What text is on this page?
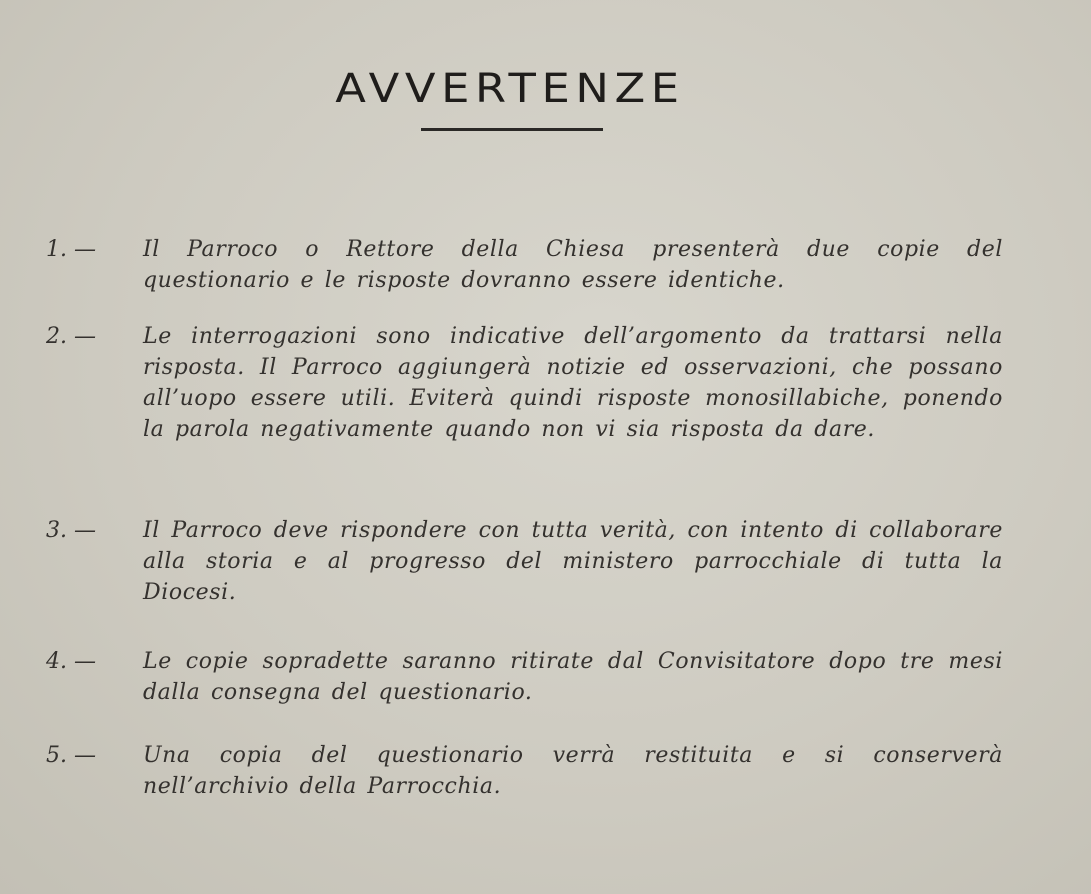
AVVERTENZE
1. —	Il Parroco o Rettore della Chiesa presenterà due copie del questionario e le risposte dovranno essere identiche.
2. —	Le interrogazioni sono indicative dell’argomento da trattarsi nella risposta. Il Parroco aggiungerà notizie ed osservazioni, che possano all’uopo essere utili. Eviterà quindi risposte monosillabiche, ponendo la parola negativamente quando non vi sia risposta da dare.
3. —	Il Parroco deve rispondere con tutta verità, con intento di collaborare alla storia e al progresso del ministero parrocchiale di tutta la Diocesi.
4. —	Le copie sopradette saranno ritirate dal Convisitatore dopo tre mesi dalla consegna del questionario.
5. —	Una copia del questionario verrà restituita e si conserverà nell’archivio della Parrocchia.
